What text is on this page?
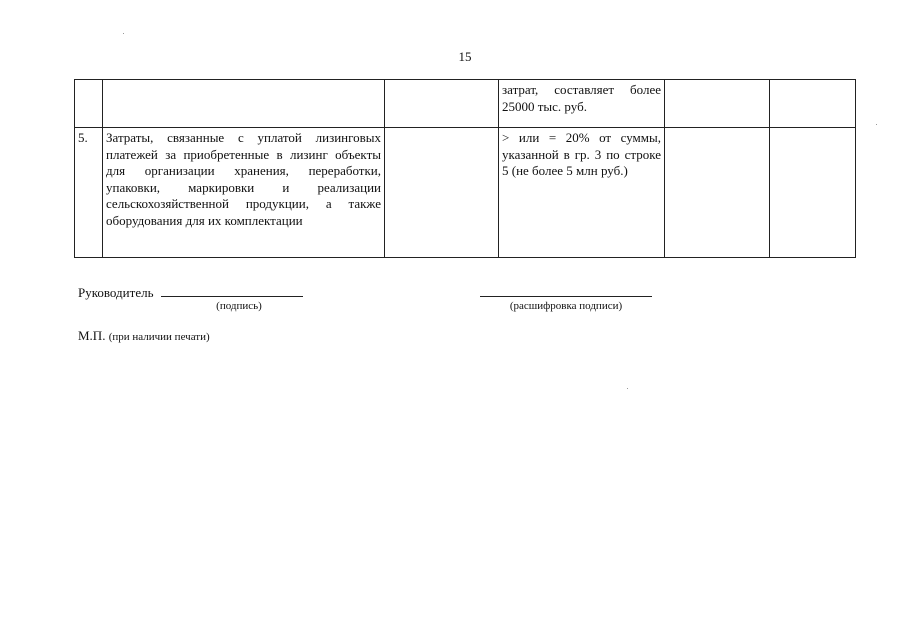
15
			затрат, составляет более 25000 тыс. руб.		
5.	Затраты, связанные с уплатой лизинговых платежей за приобретенные в лизинг объекты для организации хранения, переработки, упаковки, маркировки и реализации сельскохозяйственной продукции, а также оборудования для их комплектации		> или = 20% от суммы, указанной в гр. 3 по строке 5 (не более 5 млн руб.)		
Руководитель
(подпись)	(расшифровка подписи)
М.П. (при наличии печати)
